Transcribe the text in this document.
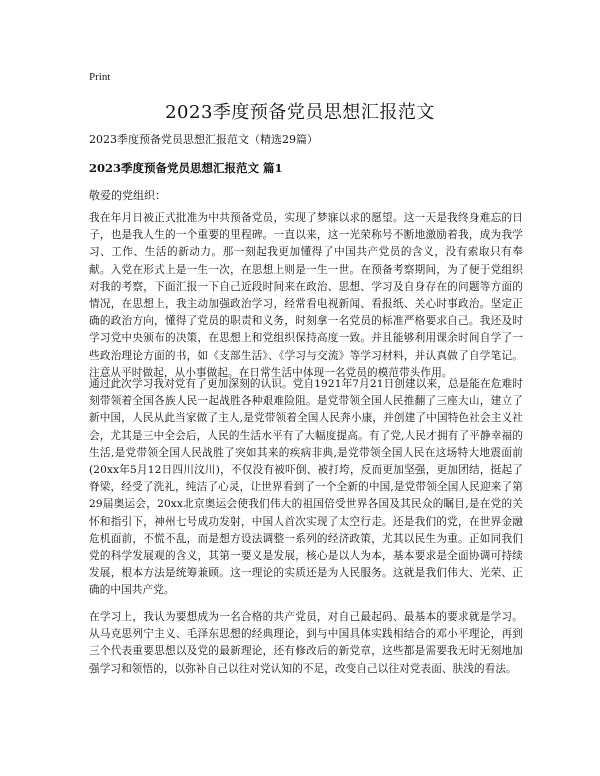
Print
2023季度预备党员思想汇报范文
2023季度预备党员思想汇报范文（精选29篇）
2023季度预备党员思想汇报范文 篇1
敬爱的党组织：

我在年月日被正式批准为中共预备党员，实现了梦寐以求的愿望。这一天是我终身难忘的日子，也是我人生的一个重要的里程碑。一直以来，这一光荣称号不断地激励着我，成为我学习、工作、生活的新动力。那一刻起我更加懂得了中国共产党员的含义，没有索取只有奉献。入党在形式上是一生一次，在思想上则是一生一世。在预备考察期间，为了便于党组织对我的考察，下面汇报一下自己近段时间来在政治、思想、学习及自身存在的问题等方面的情况，在思想上，我主动加强政治学习，经常看电视新闻、看报纸、关心时事政治。坚定正确的政治方向，懂得了党员的职责和义务，时刻拿一名党员的标准严格要求自己。我还及时学习党中央颁布的决策，在思想上和党组织保持高度一致。并且能够利用课余时间自学了一些政治理论方面的书，如《支部生活》、《学习与交流》等学习材料，并认真做了自学笔记。注意从平时做起，从小事做起。在日常生活中体现一名党员的模范带头作用。

通过此次学习我对党有了更加深刻的认识。党自1921年7月21日创建以来，总是能在危难时刻带领着全国各族人民一起战胜各种艰难险阻。是党带领全国人民推翻了三座大山，建立了新中国，人民从此当家做了主人,是党带领着全国人民奔小康，并创建了中国特色社会主义社会，尤其是三中全会后，人民的生活水平有了大幅度提高。有了党,人民才拥有了平静幸福的生活,是党带领全国人民战胜了突如其来的疾病非典,是党带领全国人民在这场特大地震面前(20xx年5月12日四川汶川)，不仅没有被吓倒、被打垮，反而更加坚强，更加团结，挺起了脊梁，经受了洗礼，纯洁了心灵，让世界看到了一个全新的中国,是党带领全国人民迎来了第29届奥运会，20xx北京奥运会使我们伟大的祖国倍受世界各国及其民众的瞩目,是在党的关怀和指引下，神州七号成功发射，中国人首次实现了太空行走。还是我们的党，在世界金融危机面前，不慌不乱，而是想方设法调整一系列的经济政策，尤其以民生为重。正如同我们党的科学发展观的含义，其第一要义是发展，核心是以人为本，基本要求是全面协调可持续发展，根本方法是统筹兼顾。这一理论的实质还是为人民服务。这就是我们伟大、光荣、正确的中国共产党。

在学习上，我认为要想成为一名合格的共产党员，对自己最起码、最基本的要求就是学习。从马克思列宁主义、毛泽东思想的经典理论，到与中国具体实践相结合的邓小平理论，再到三个代表重要思想以及党的最新理论，还有修改后的新党章，这些都是需要我无时无刻地加强学习和领悟的，以弥补自己以往对党认知的不足，改变自己以往对党表面、肤浅的看法。
